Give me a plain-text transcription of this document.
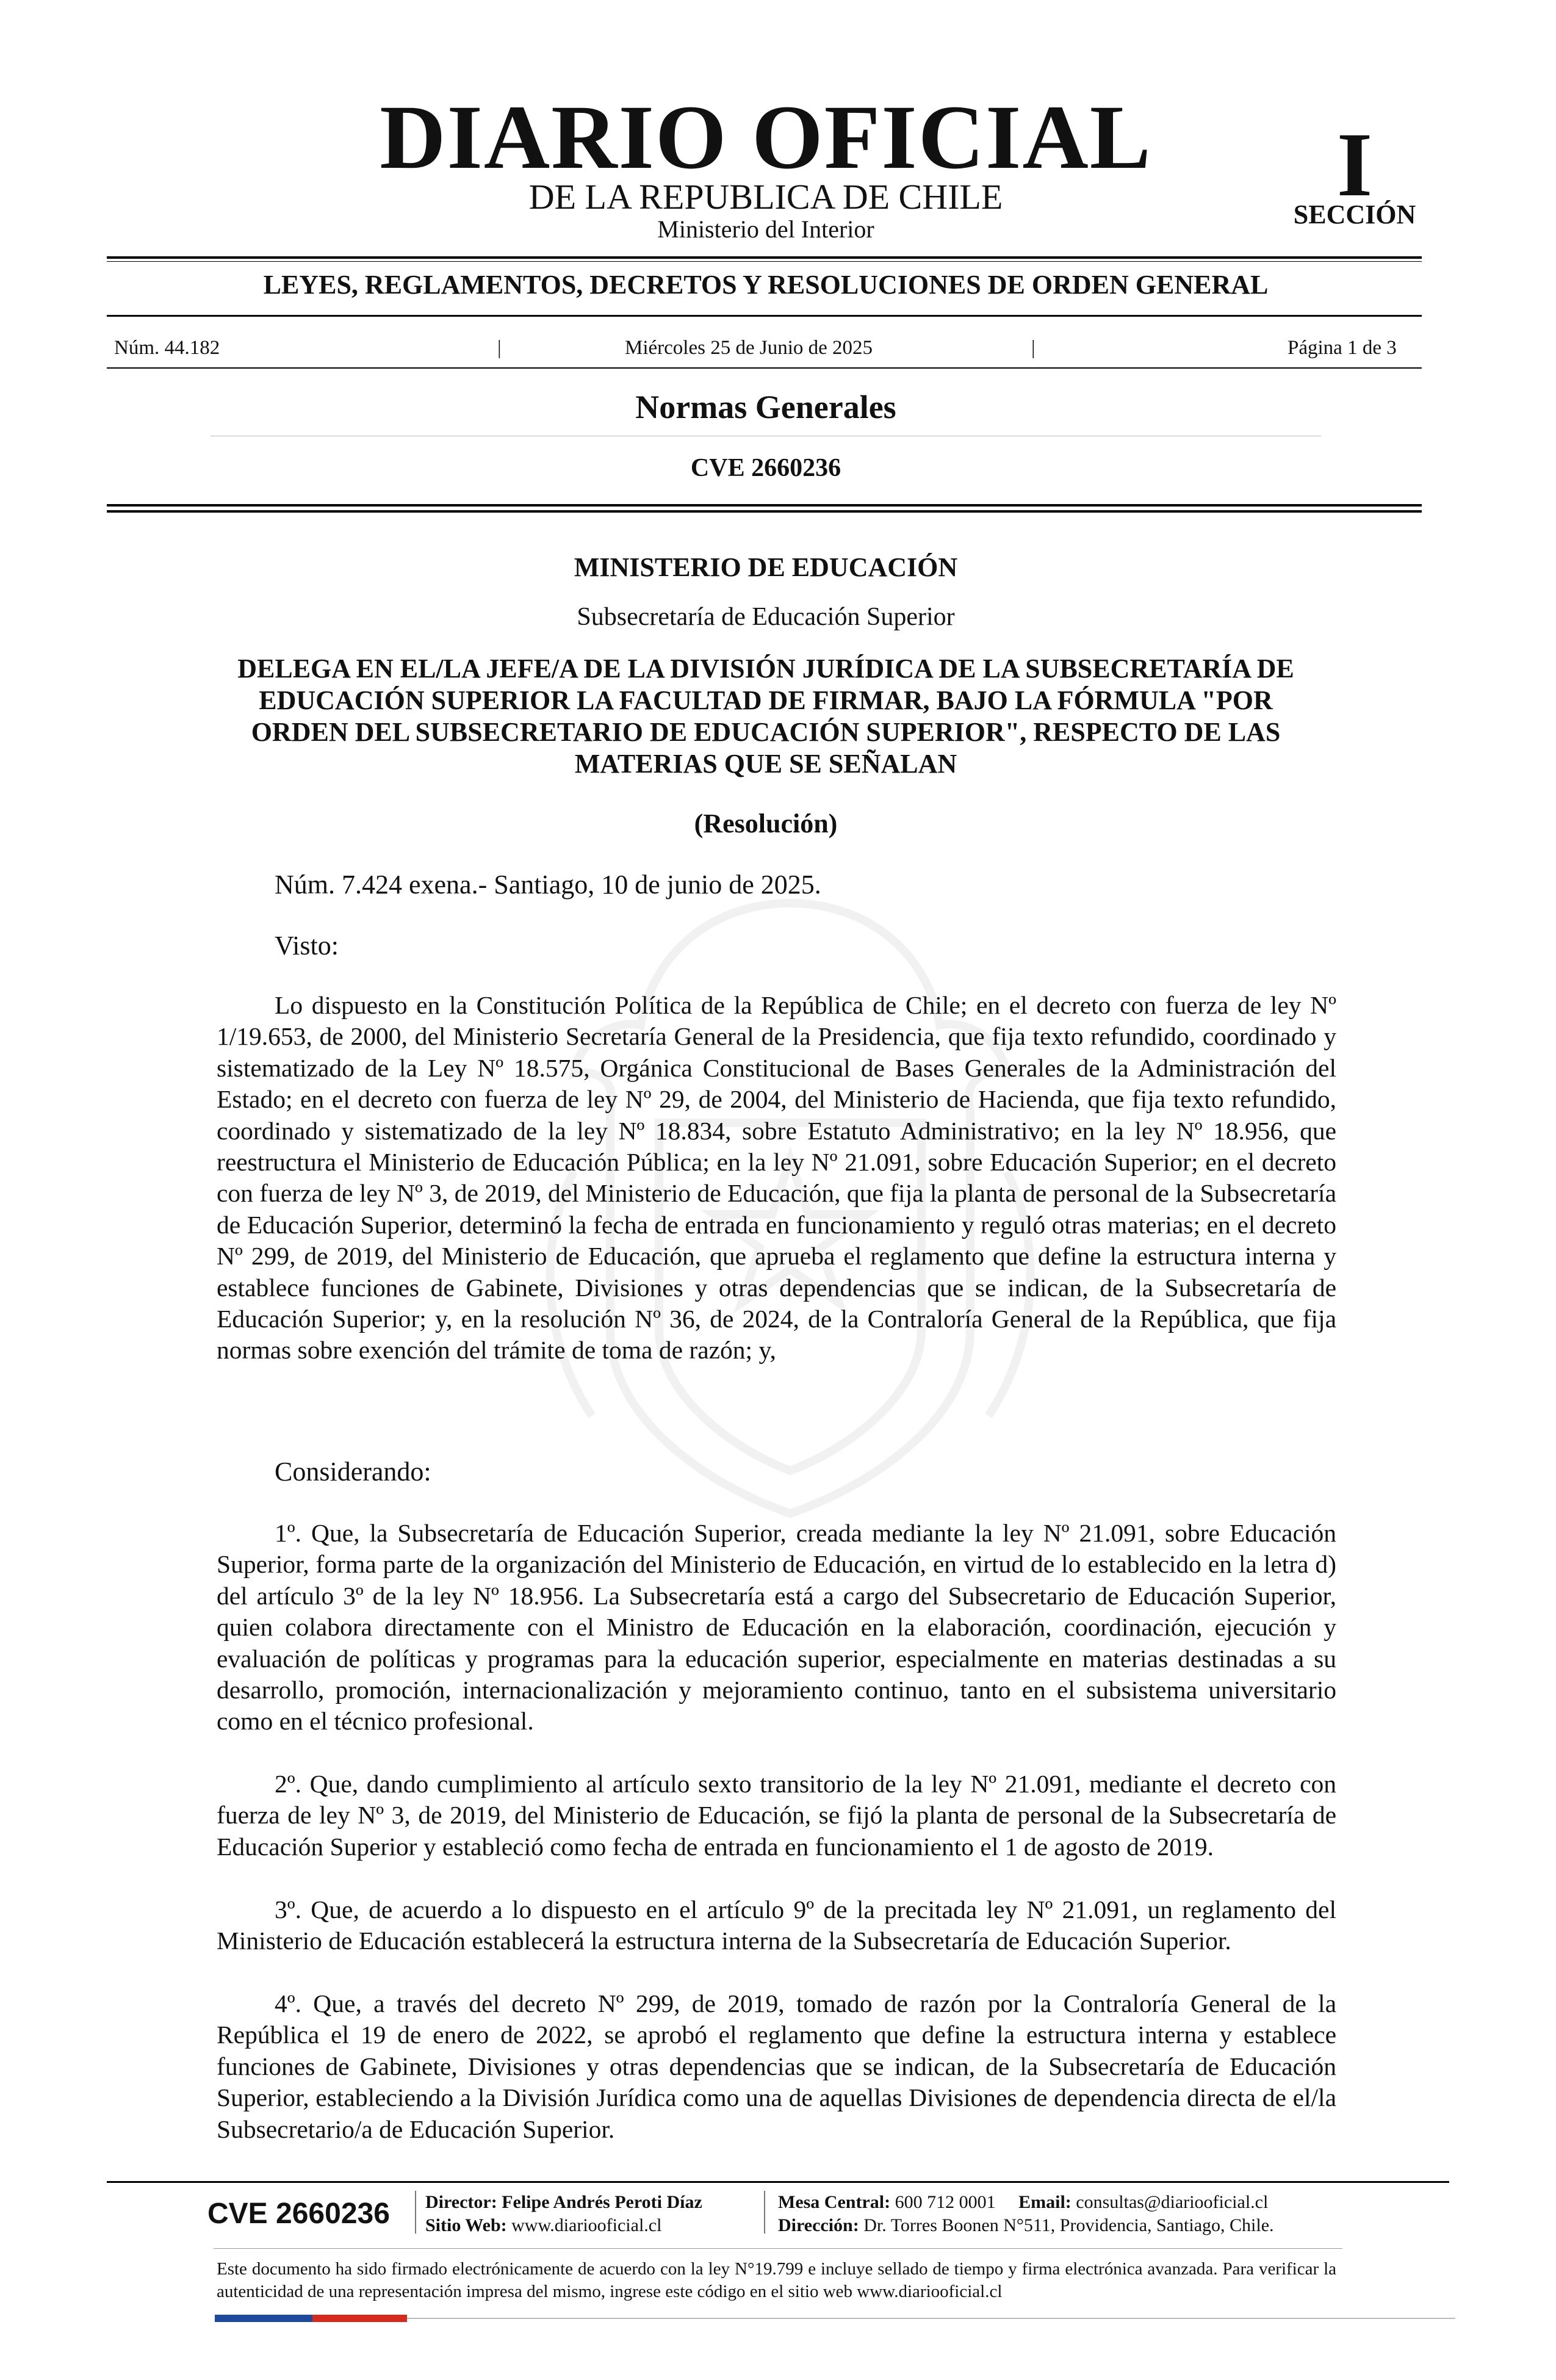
DIARIO OFICIAL
DE LA REPUBLICA DE CHILE
Ministerio del Interior
I
SECCIÓN
LEYES, REGLAMENTOS, DECRETOS Y RESOLUCIONES DE ORDEN GENERAL
Núm. 44.182	|	Miércoles 25 de Junio de 2025	|	Página 1 de 3
Normas Generales
CVE 2660236
MINISTERIO DE EDUCACIÓN
Subsecretaría de Educación Superior
DELEGA EN EL/LA JEFE/A DE LA DIVISIÓN JURÍDICA DE LA SUBSECRETARÍA DE EDUCACIÓN SUPERIOR LA FACULTAD DE FIRMAR, BAJO LA FÓRMULA "POR ORDEN DEL SUBSECRETARIO DE EDUCACIÓN SUPERIOR", RESPECTO DE LAS MATERIAS QUE SE SEÑALAN
(Resolución)
Núm. 7.424 exena.- Santiago, 10 de junio de 2025.
Visto:

Lo dispuesto en la Constitución Política de la República de Chile; en el decreto con fuerza de ley Nº 1/19.653, de 2000, del Ministerio Secretaría General de la Presidencia, que fija texto refundido, coordinado y sistematizado de la Ley Nº 18.575, Orgánica Constitucional de Bases Generales de la Administración del Estado; en el decreto con fuerza de ley Nº 29, de 2004, del Ministerio de Hacienda, que fija texto refundido, coordinado y sistematizado de la ley Nº 18.834, sobre Estatuto Administrativo; en la ley Nº 18.956, que reestructura el Ministerio de Educación Pública; en la ley Nº 21.091, sobre Educación Superior; en el decreto con fuerza de ley Nº 3, de 2019, del Ministerio de Educación, que fija la planta de personal de la Subsecretaría de Educación Superior, determinó la fecha de entrada en funcionamiento y reguló otras materias; en el decreto Nº 299, de 2019, del Ministerio de Educación, que aprueba el reglamento que define la estructura interna y establece funciones de Gabinete, Divisiones y otras dependencias que se indican, de la Subsecretaría de Educación Superior; y, en la resolución Nº 36, de 2024, de la Contraloría General de la República, que fija normas sobre exención del trámite de toma de razón; y,

Considerando:

1º. Que, la Subsecretaría de Educación Superior, creada mediante la ley Nº 21.091, sobre Educación Superior, forma parte de la organización del Ministerio de Educación, en virtud de lo establecido en la letra d) del artículo 3º de la ley Nº 18.956. La Subsecretaría está a cargo del Subsecretario de Educación Superior, quien colabora directamente con el Ministro de Educación en la elaboración, coordinación, ejecución y evaluación de políticas y programas para la educación superior, especialmente en materias destinadas a su desarrollo, promoción, internacionalización y mejoramiento continuo, tanto en el subsistema universitario como en el técnico profesional.

2º. Que, dando cumplimiento al artículo sexto transitorio de la ley Nº 21.091, mediante el decreto con fuerza de ley Nº 3, de 2019, del Ministerio de Educación, se fijó la planta de personal de la Subsecretaría de Educación Superior y estableció como fecha de entrada en funcionamiento el 1 de agosto de 2019.

3º. Que, de acuerdo a lo dispuesto en el artículo 9º de la precitada ley Nº 21.091, un reglamento del Ministerio de Educación establecerá la estructura interna de la Subsecretaría de Educación Superior.

4º. Que, a través del decreto Nº 299, de 2019, tomado de razón por la Contraloría General de la República el 19 de enero de 2022, se aprobó el reglamento que define la estructura interna y establece funciones de Gabinete, Divisiones y otras dependencias que se indican, de la Subsecretaría de Educación Superior, estableciendo a la División Jurídica como una de aquellas Divisiones de dependencia directa de el/la Subsecretario/a de Educación Superior.

CVE 2660236 Director: Felipe Andrés Peroti Díaz
Sitio Web: www.diariooficial.cl
Mesa Central: 600 712 0001 Email: consultas@diariooficial.cl
Dirección: Dr. Torres Boonen N°511, Providencia, Santiago, Chile.
Este documento ha sido firmado electrónicamente de acuerdo con la ley N°19.799 e incluye sellado de tiempo y firma electrónica avanzada. Para verificar la autenticidad de una representación impresa del mismo, ingrese este código en el sitio web www.diariooficial.cl
